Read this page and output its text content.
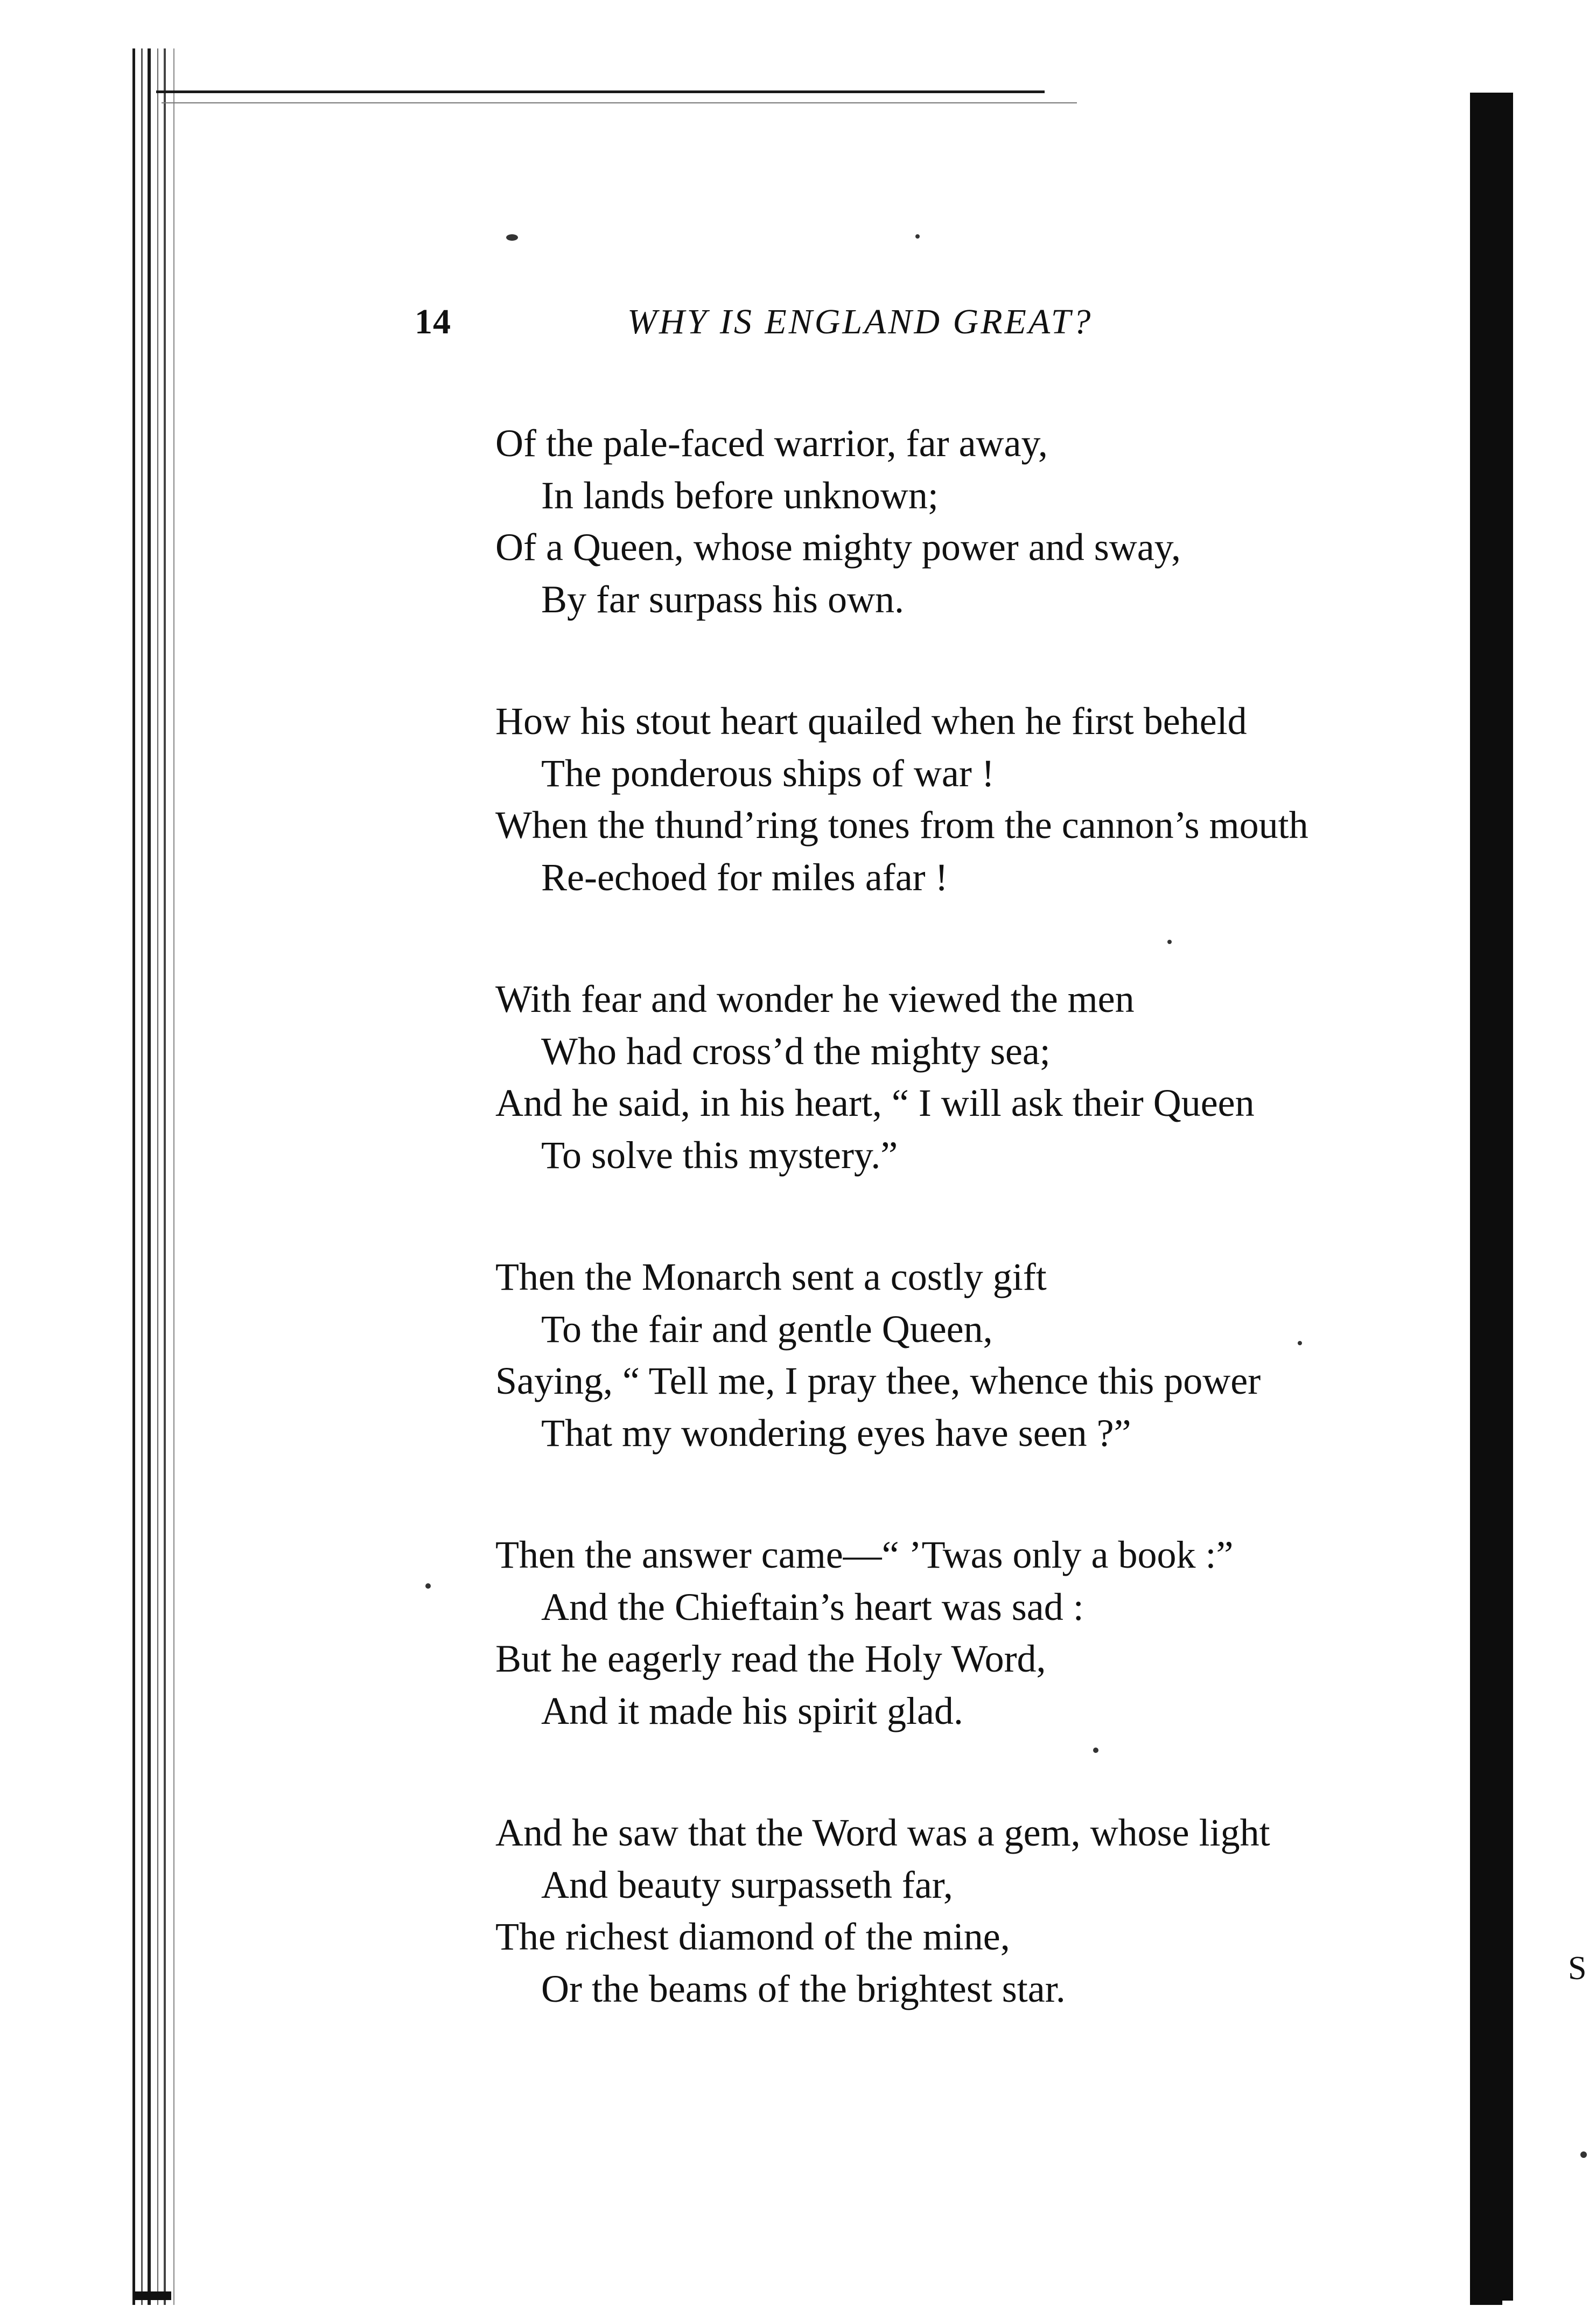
14	WHY IS ENGLAND GREAT?
Of the pale-faced warrior, far away,
In lands before unknown;
Of a Queen, whose mighty power and sway,
By far surpass his own.
How his stout heart quailed when he first beheld
The ponderous ships of war !
When the thund’ring tones from the cannon’s mouth
Re-echoed for miles afar !
With fear and wonder he viewed the men
Who had cross’d the mighty sea;
And he said, in his heart, “ I will ask their Queen
To solve this mystery.”
Then the Monarch sent a costly gift
To the fair and gentle Queen,
Saying, “ Tell me, I pray thee, whence this power
That my wondering eyes have seen ?”
Then the answer came—“ ’Twas only a book :”
And the Chieftain’s heart was sad :
But he eagerly read the Holy Word,
And it made his spirit glad.
And he saw that the Word was a gem, whose light
And beauty surpasseth far,
The richest diamond of the mine,
Or the beams of the brightest star.	S
